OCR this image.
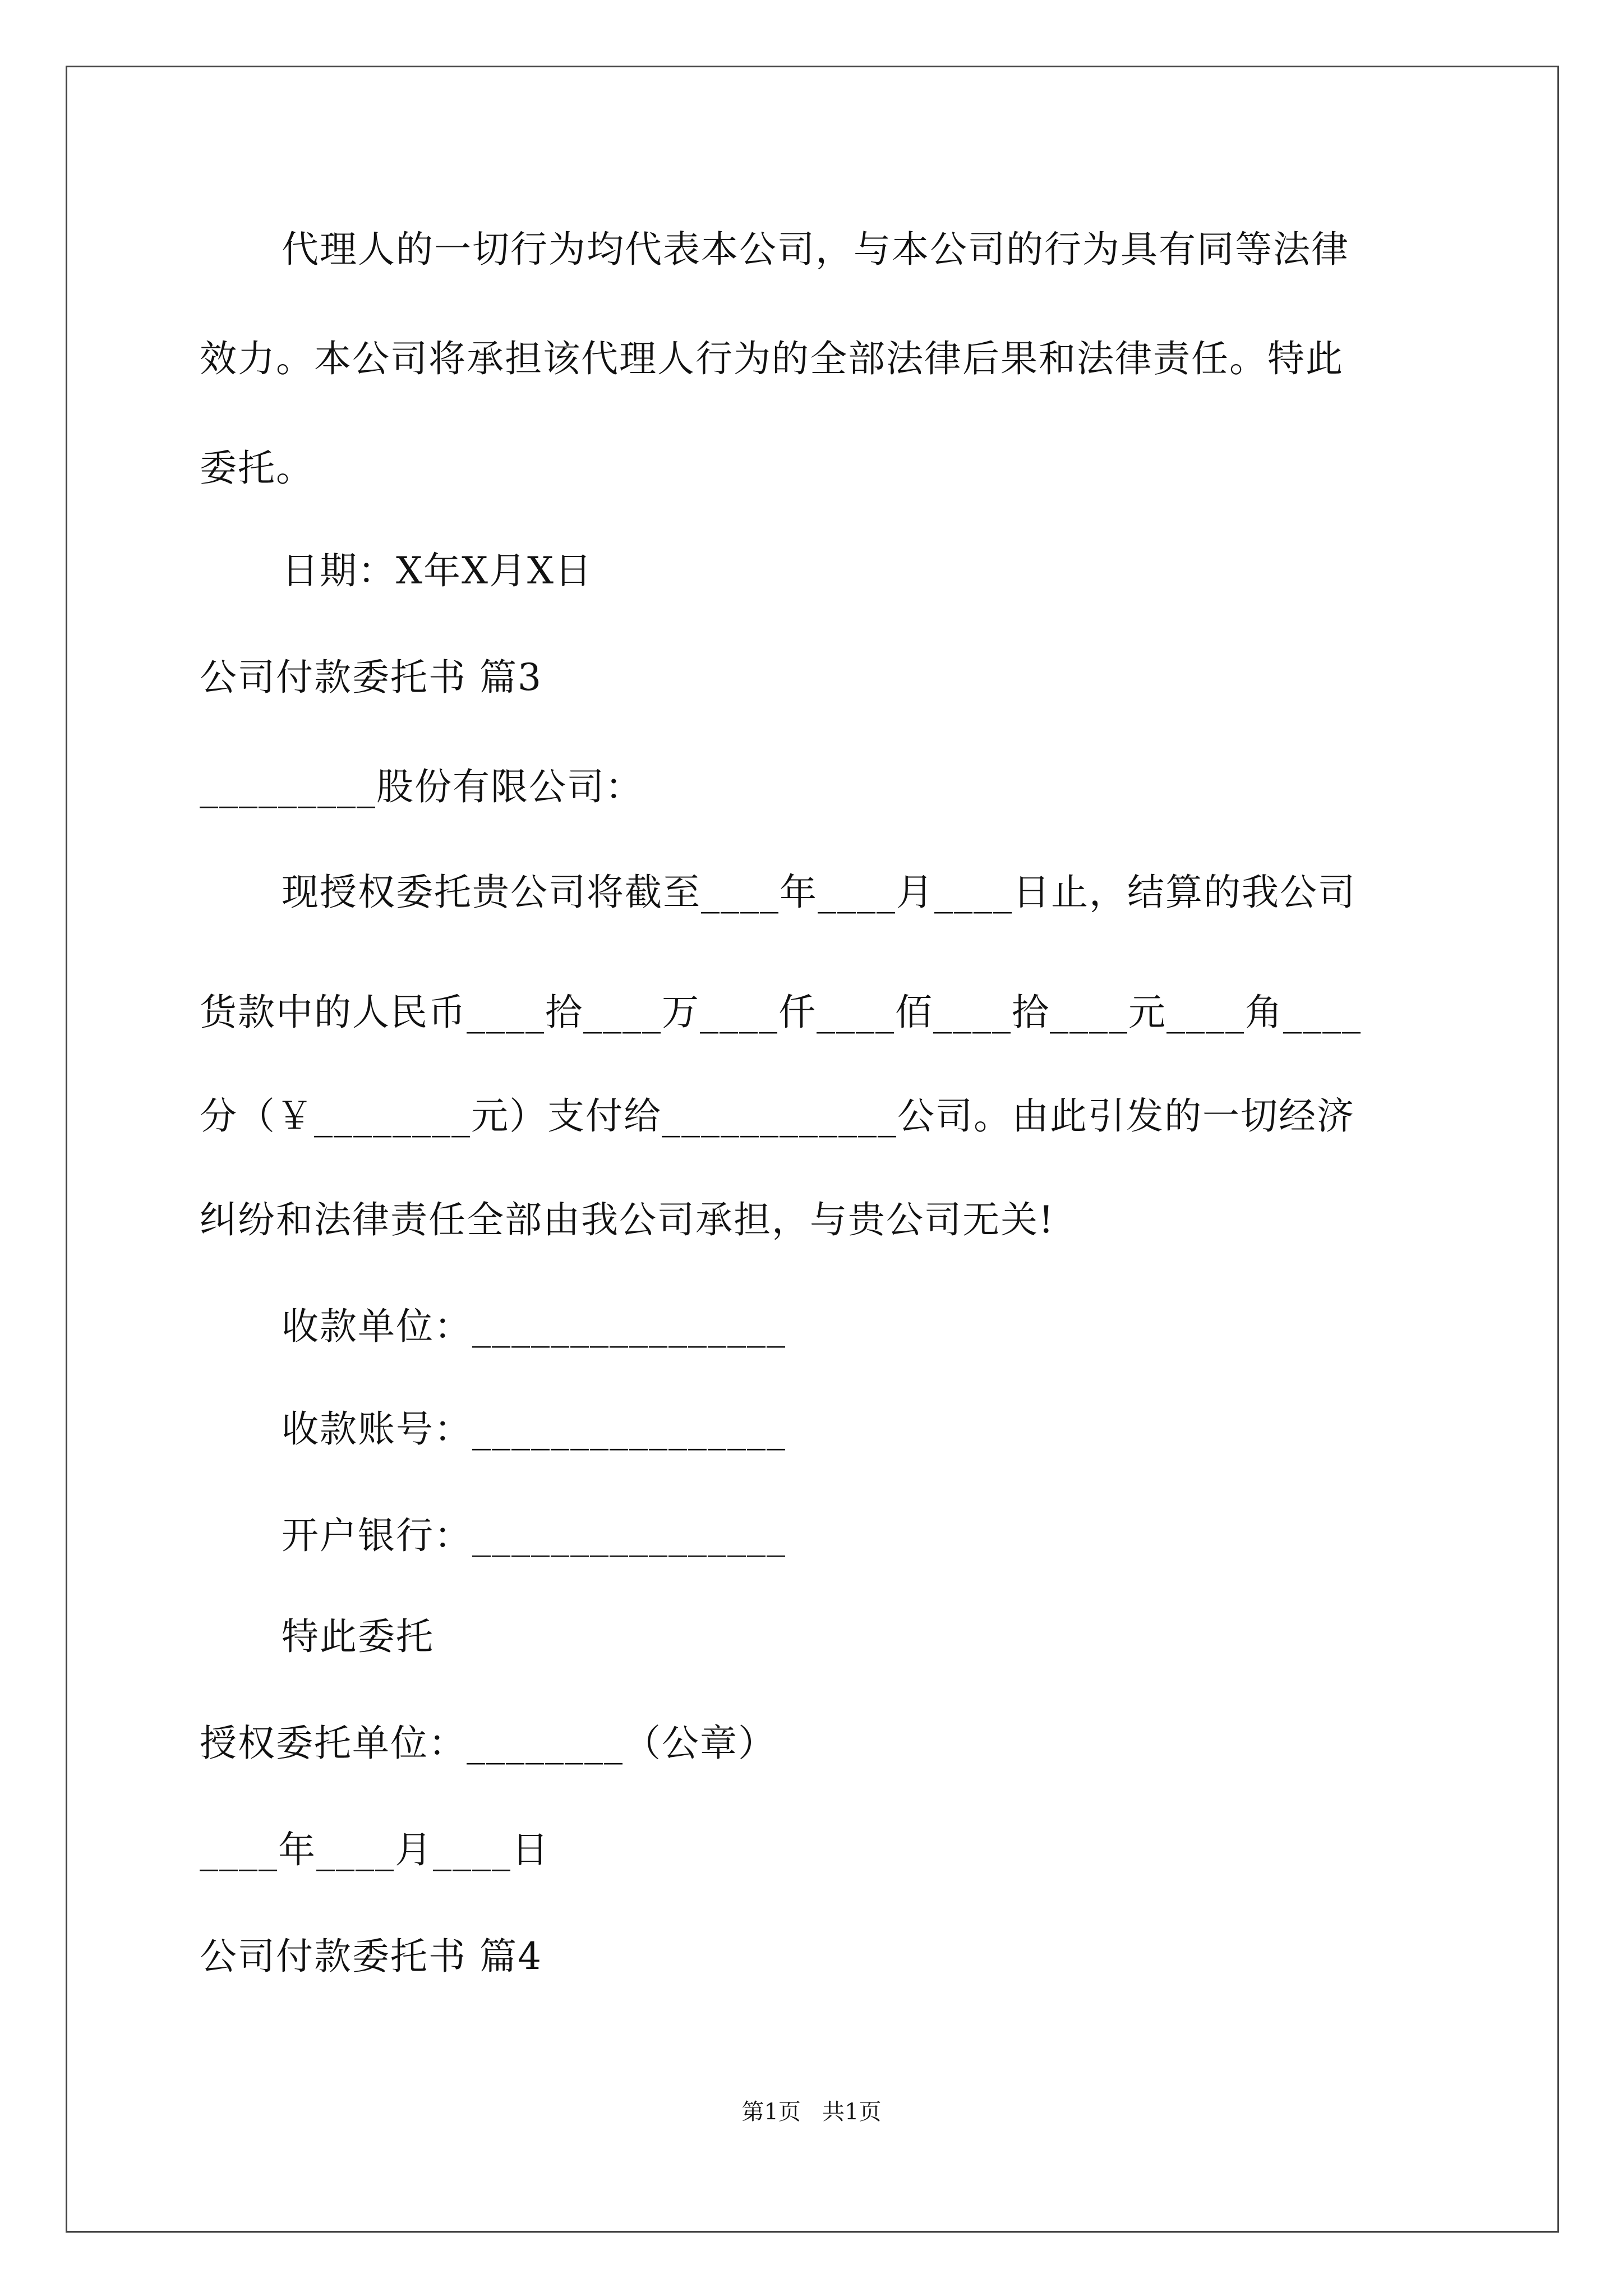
代理人的一切行为均代表本公司，与本公司的行为具有同等法律
效力。本公司将承担该代理人行为的全部法律后果和法律责任。特此
委托。
日期：X年X月X日
公司付款委托书 篇3
_________股份有限公司：
现授权委托贵公司将截至____年____月____日止，结算的我公司
货款中的人民币____拾____万____仟____佰____拾____元____角____
分（￥________元）支付给____________公司。由此引发的一切经济
纠纷和法律责任全部由我公司承担，与贵公司无关!
收款单位：________________
收款账号：________________
开户银行：________________
特此委托
授权委托单位：________（公章）
____年____月____日
公司付款委托书 篇4
第1页   共1页
